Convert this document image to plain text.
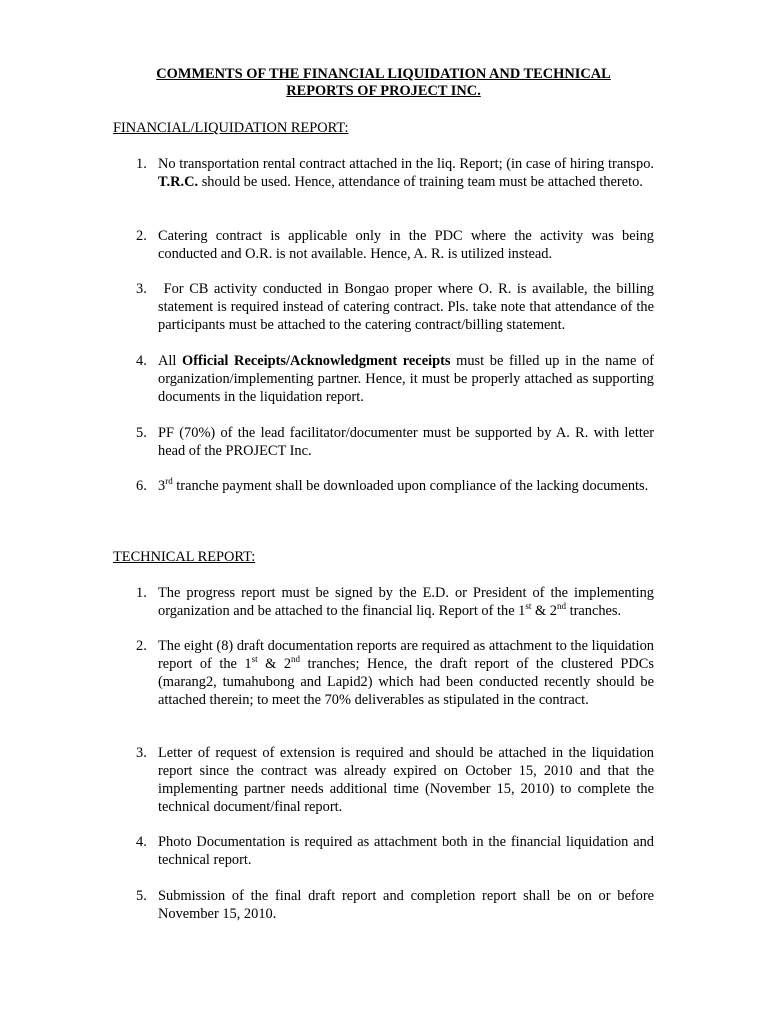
COMMENTS OF THE FINANCIAL LIQUIDATION AND TECHNICAL
REPORTS OF PROJECT INC.
FINANCIAL/LIQUIDATION REPORT:
1. No transportation rental contract attached in the liq. Report; (in case of hiring transpo. T.R.C. should be used. Hence, attendance of training team must be attached thereto.
2. Catering contract is applicable only in the PDC where the activity was being conducted and O.R. is not available. Hence, A. R. is utilized instead.
3. For CB activity conducted in Bongao proper where O. R. is available, the billing statement is required instead of catering contract. Pls. take note that attendance of the participants must be attached to the catering contract/billing statement.
4. All Official Receipts/Acknowledgment receipts must be filled up in the name of organization/implementing partner. Hence, it must be properly attached as supporting documents in the liquidation report.
5. PF (70%) of the lead facilitator/documenter must be supported by A. R. with letter head of the PROJECT Inc.
6. 3rd tranche payment shall be downloaded upon compliance of the lacking documents.
TECHNICAL REPORT:
1. The progress report must be signed by the E.D. or President of the implementing organization and be attached to the financial liq. Report of the 1st & 2nd tranches.
2. The eight (8) draft documentation reports are required as attachment to the liquidation report of the 1st & 2nd tranches; Hence, the draft report of the clustered PDCs (marang2, tumahubong and Lapid2) which had been conducted recently should be attached therein; to meet the 70% deliverables as stipulated in the contract.
3. Letter of request of extension is required and should be attached in the liquidation report since the contract was already expired on October 15, 2010 and that the implementing partner needs additional time (November 15, 2010) to complete the technical document/final report.
4. Photo Documentation is required as attachment both in the financial liquidation and technical report.
5. Submission of the final draft report and completion report shall be on or before November 15, 2010.
